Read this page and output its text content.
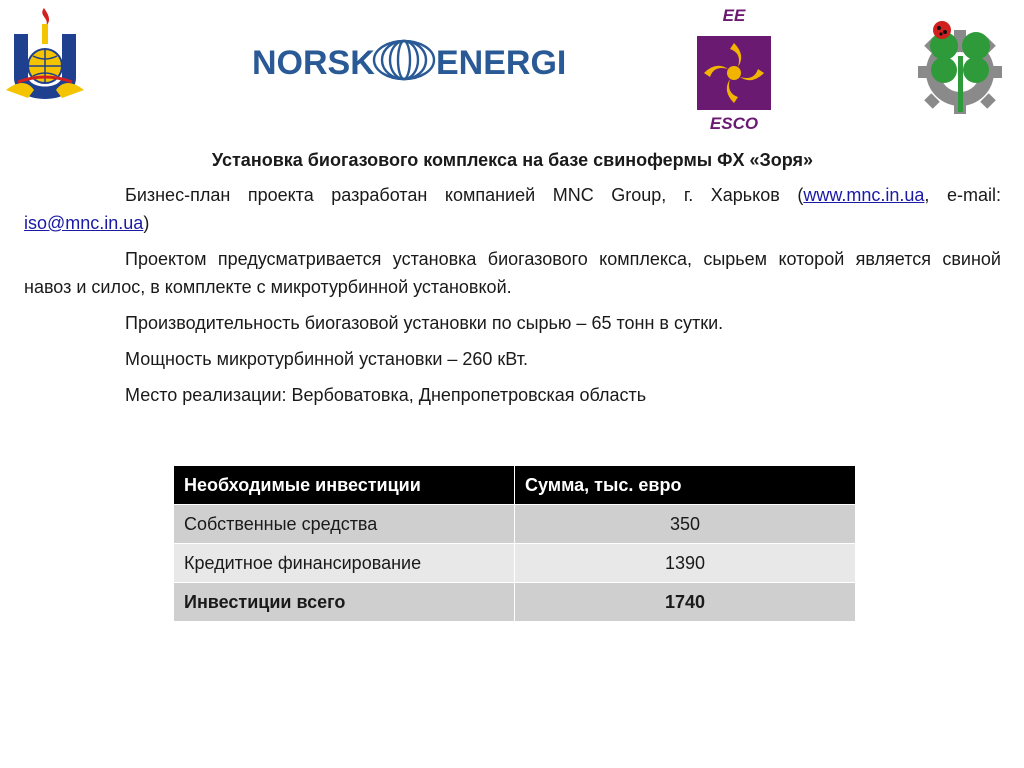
NORSK ENERGI
EE
ESCO
Установка биогазового комплекса на базе свинофермы ФХ «Зоря»

Бизнес-план проекта разработан компанией MNC Group, г. Харьков (www.mnc.in.ua, e-mail: iso@mnc.in.ua)

Проектом предусматривается установка биогазового комплекса, сырьем которой является свиной навоз и силос, в комплекте с микротурбинной установкой.

Производительность биогазовой установки по сырью – 65 тонн в сутки.

Мощность микротурбинной установки – 260 кВт.

Место реализации: Вербоватовка, Днепропетровская область

Необходимые инвестиции	Сумма, тыс. евро
Собственные средства	350
Кредитное финансирование	1390
Инвестиции всего	1740
